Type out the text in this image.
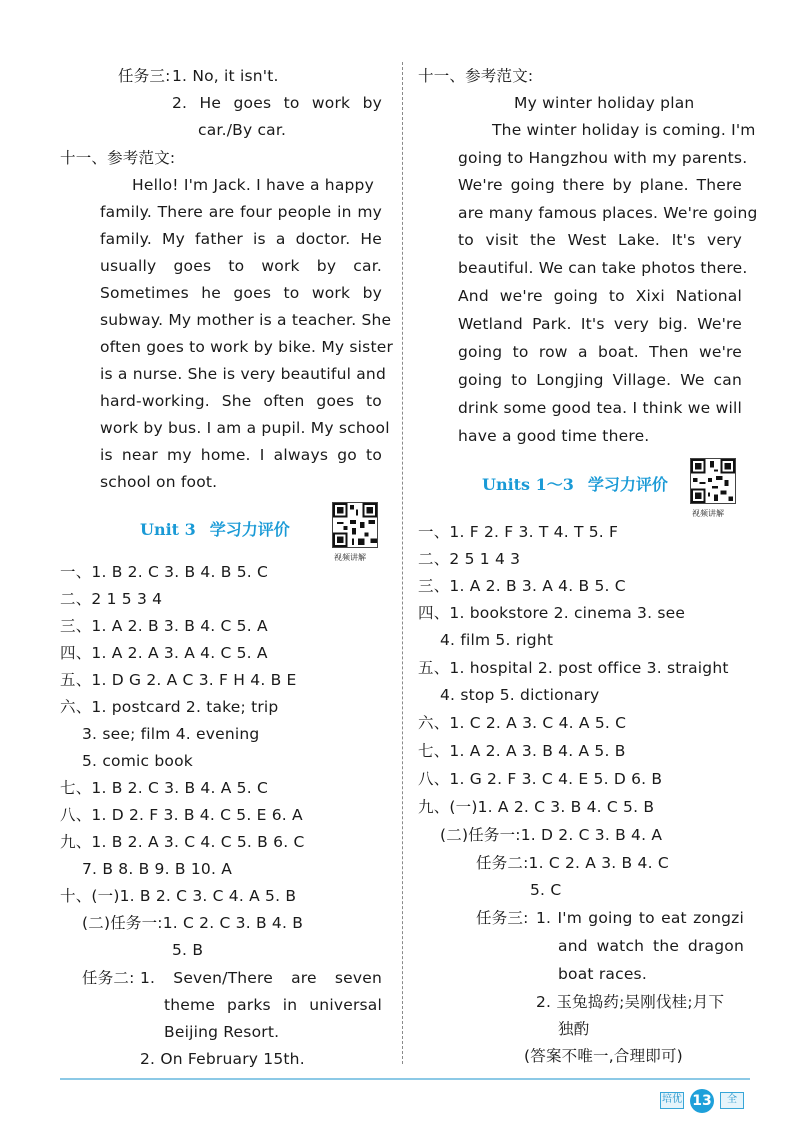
任务三: 1. No, it isn't.
2. He goes to work by
car./By car.
十一、参考范文:
Hello! I'm Jack. I have a happy
family. There are four people in my
family. My father is a doctor. He
usually goes to work by car.
Sometimes he goes to work by
subway. My mother is a teacher. She
often goes to work by bike. My sister
is a nurse. She is very beautiful and
hard-working. She often goes to
work by bus. I am a pupil. My school
is near my home. I always go to
school on foot.
Unit 3 学习力评价
视频讲解
一、1. B 2. C 3. B 4. B 5. C
二、2 1 5 3 4
三、1. A 2. B 3. B 4. C 5. A
四、1. A 2. A 3. A 4. C 5. A
五、1. D G 2. A C 3. F H 4. B E
六、1. postcard 2. take; trip
3. see; film 4. evening
5. comic book
七、1. B 2. C 3. B 4. A 5. C
八、1. D 2. F 3. B 4. C 5. E 6. A
九、1. B 2. A 3. C 4. C 5. B 6. C
7. B 8. B 9. B 10. A
十、(一)1. B 2. C 3. C 4. A 5. B
(二)任务一:1. C 2. C 3. B 4. B
5. B
任务二: 1. Seven/There are seven
theme parks in universal
Beijing Resort.
2. On February 15th.
十一、参考范文:
My winter holiday plan
The winter holiday is coming. I'm
going to Hangzhou with my parents.
We're going there by plane. There
are many famous places. We're going
to visit the West Lake. It's very
beautiful. We can take photos there.
And we're going to Xixi National
Wetland Park. It's very big. We're
going to row a boat. Then we're
going to Longjing Village. We can
drink some good tea. I think we will
have a good time there.
Units 1～3 学习力评价
视频讲解
一、1. F 2. F 3. T 4. T 5. F
二、2 5 1 4 3
三、1. A 2. B 3. A 4. B 5. C
四、1. bookstore 2. cinema 3. see
4. film 5. right
五、1. hospital 2. post office 3. straight
4. stop 5. dictionary
六、1. C 2. A 3. C 4. A 5. C
七、1. A 2. A 3. B 4. A 5. B
八、1. G 2. F 3. C 4. E 5. D 6. B
九、(一)1. A 2. C 3. B 4. C 5. B
(二)任务一:1. D 2. C 3. B 4. A
任务二:1. C 2. A 3. B 4. C
5. C
任务三: 1. I'm going to eat zongzi
and watch the dragon
boat races.
2. 玉兔捣药;吴刚伐桂;月下
独酌
(答案不唯一,合理即可)
培优 13	全
